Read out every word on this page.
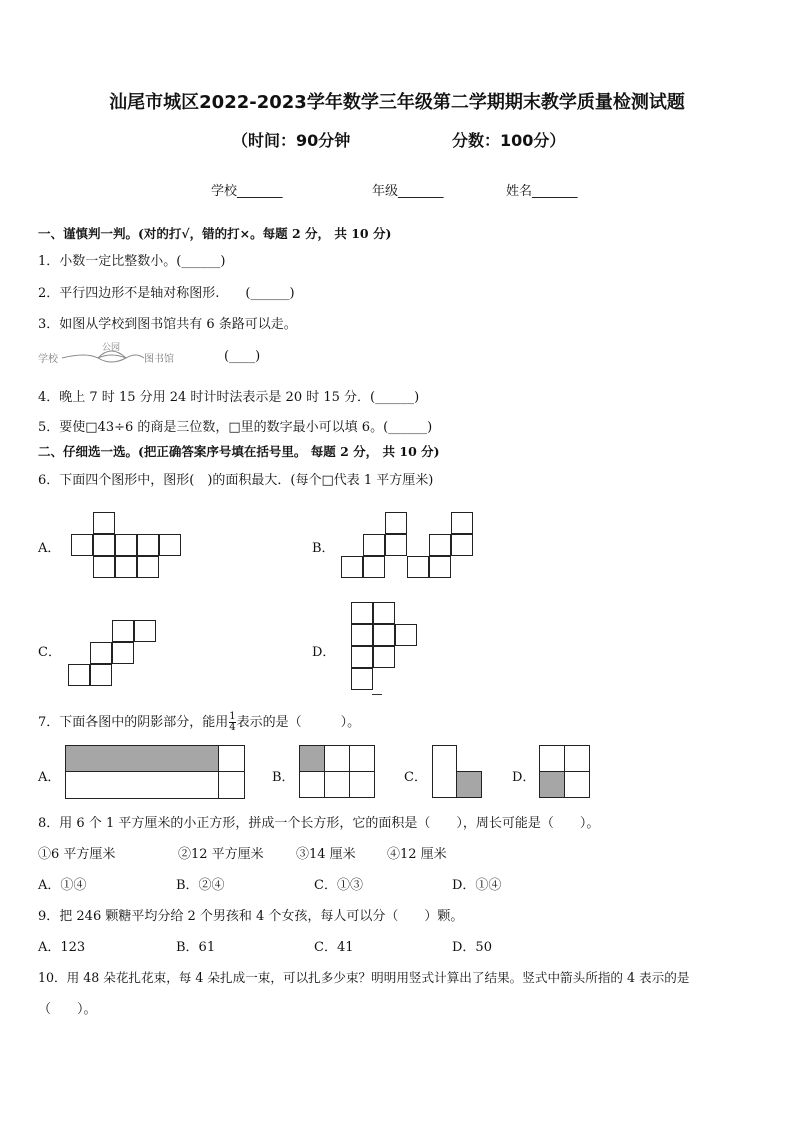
汕尾市城区2022-2023学年数学三年级第二学期期末教学质量检测试题
（时间：90分钟	分数：100分）
学校_______	年级_______	姓名_______
一、谨慎判一判。(对的打√，错的打×。每题 2 分， 共 10 分)
1．小数一定比整数小。(______)
2．平行四边形不是轴对称图形.　　(______)
3．如图从学校到图书馆共有 6 条路可以走。
学校
公园
图书馆	(____)
4．晚上 7 时 15 分用 24 时计时法表示是 20 时 15 分．(______)
5．要使□43÷6 的商是三位数，□里的数字最小可以填 6。(______)
二、仔细选一选。(把正确答案序号填在括号里。 每题 2 分， 共 10 分)
6．下面四个图形中，图形(　)的面积最大．(每个□代表 1 平方厘米)
A．	B．
C．	D．
7．下面各图中的阴影部分，能用 $\frac{1}{4}$ 表示的是（　　　）。
A．	B．	C．	D．
8．用 6 个 1 平方厘米的小正方形，拼成一个长方形，它的面积是（　　），周长可能是（　　）。
①6 平方厘米	②12 平方厘米 ③14 厘米 ④12 厘米
A．①④	B．②④	C．①③	D．①④
9．把 246 颗糖平均分给 2 个男孩和 4 个女孩，每人可以分（　　）颗。
A．123	B．61	C．41	D．50
10．用 48 朵花扎花束，每 4 朵扎成一束，可以扎多少束？明明用竖式计算出了结果。竖式中箭头所指的 4 表示的是
（　　）。
